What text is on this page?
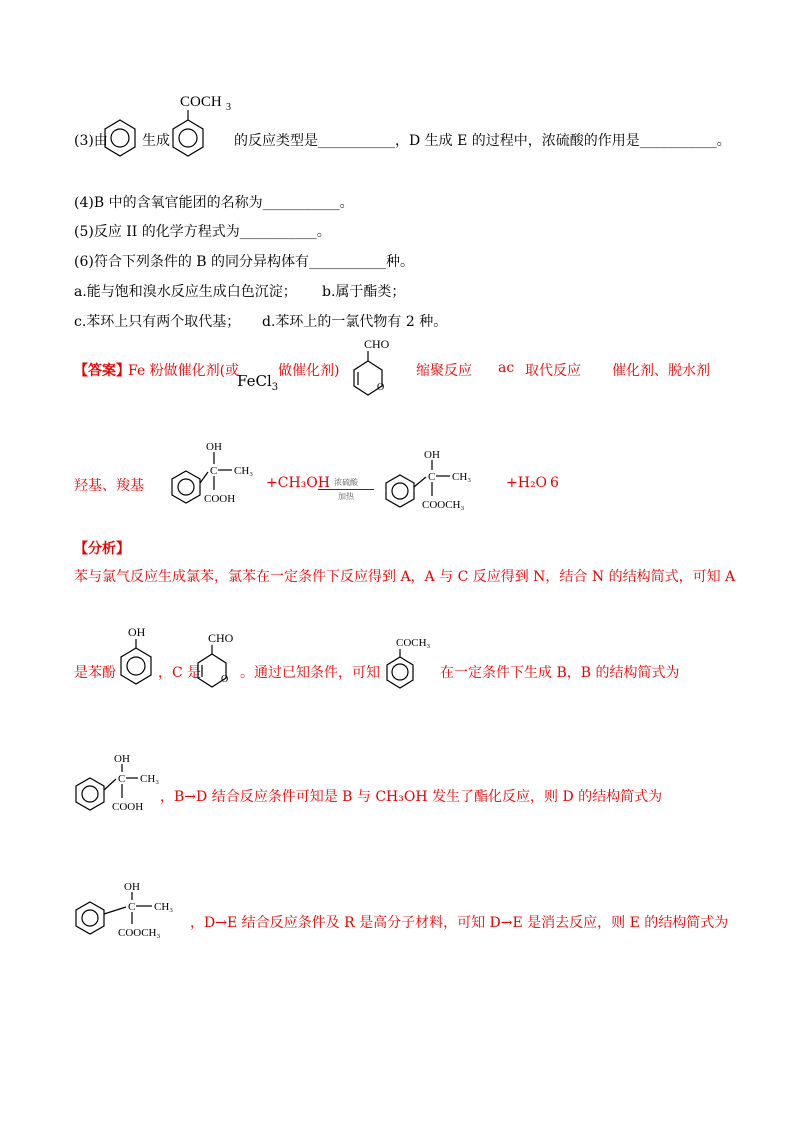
(3)由 生成
COCH 3
的反应类型是___________，D 生成 E 的过程中，浓硫酸的作用是___________。
(4)B 中的含氧官能团的名称为___________。
(5)反应 II 的化学方程式为___________。
(6)符合下列条件的 B 的同分异构体有___________种。
a.能与饱和溴水反应生成白色沉淀； b.属于酯类；
c.苯环上只有两个取代基； d.苯环上的一氯代物有 2 种。
【答案】
Fe 粉做催化剂(或
FeCl$_3$
做催化剂)
CHO
O
缩聚反应 ac 取代反应 催化剂、脱水剂
羟基、羧基
OH
C CH₃
COOH
+CH₃OH 浓硫酸
加热
OH
C CH₃
COOCH₃
+H₂O 6
【分析】
苯与氯气反应生成氯苯，氯苯在一定条件下反应得到 A，A 与 C 反应得到 N，结合 N 的结构简式，可知 A
是苯酚
OH
，C 是
CHO
O 。通过已知条件，可知
COCH₃
在一定条件下生成 B，B 的结构简式为
OH
C CH₃
COOH
，B→D 结合反应条件可知是 B 与 CH₃OH 发生了酯化反应，则 D 的结构简式为
OH
C CH₃
COOCH₃
，D→E 结合反应条件及 R 是高分子材料，可知 D→E 是消去反应，则 E 的结构简式为
